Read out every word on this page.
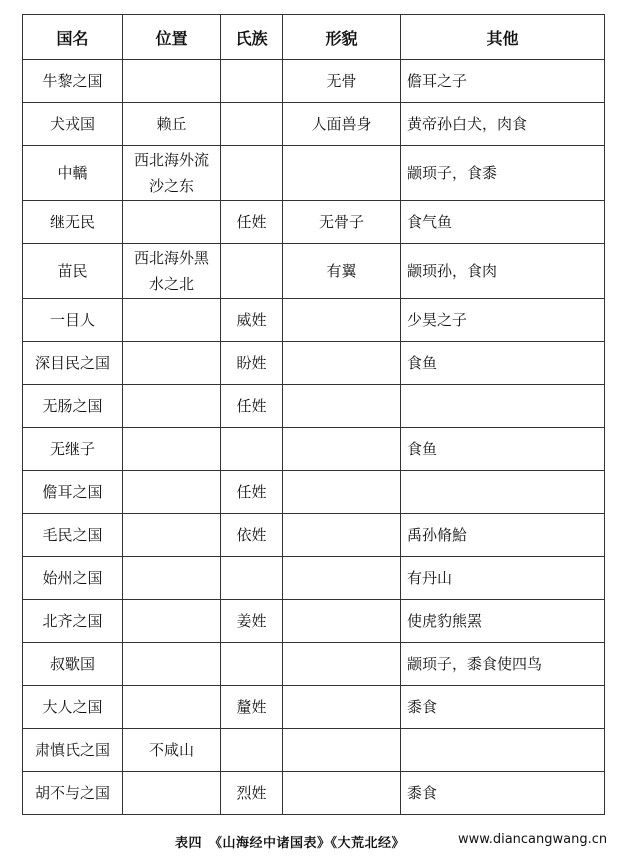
国名	位置	氏族	形貌	其他
牛黎之国			无骨	儋耳之子
犬戎国	赖丘		人面兽身	黄帝孙白犬，肉食
中轎	西北海外流沙之东			颛顼子，食黍
继无民		任姓	无骨子	食气鱼
苗民	西北海外黑水之北		有翼	颛顼孙，食肉
一目人		威姓		少昊之子
深目民之国		盼姓		食鱼
无肠之国		任姓		
无继子				食鱼
儋耳之国		任姓		
毛民之国		依姓		禹孙脩鮯
始州之国				有丹山
北齐之国		姜姓		使虎豹熊罴
叔歜国				颛顼子，黍食使四鸟
大人之国		釐姓		黍食
肃慎氏之国	不咸山			
胡不与之国		烈姓		黍食
表四　《山海经中诸国表》《大荒北经》	www.diancangwang.cn
